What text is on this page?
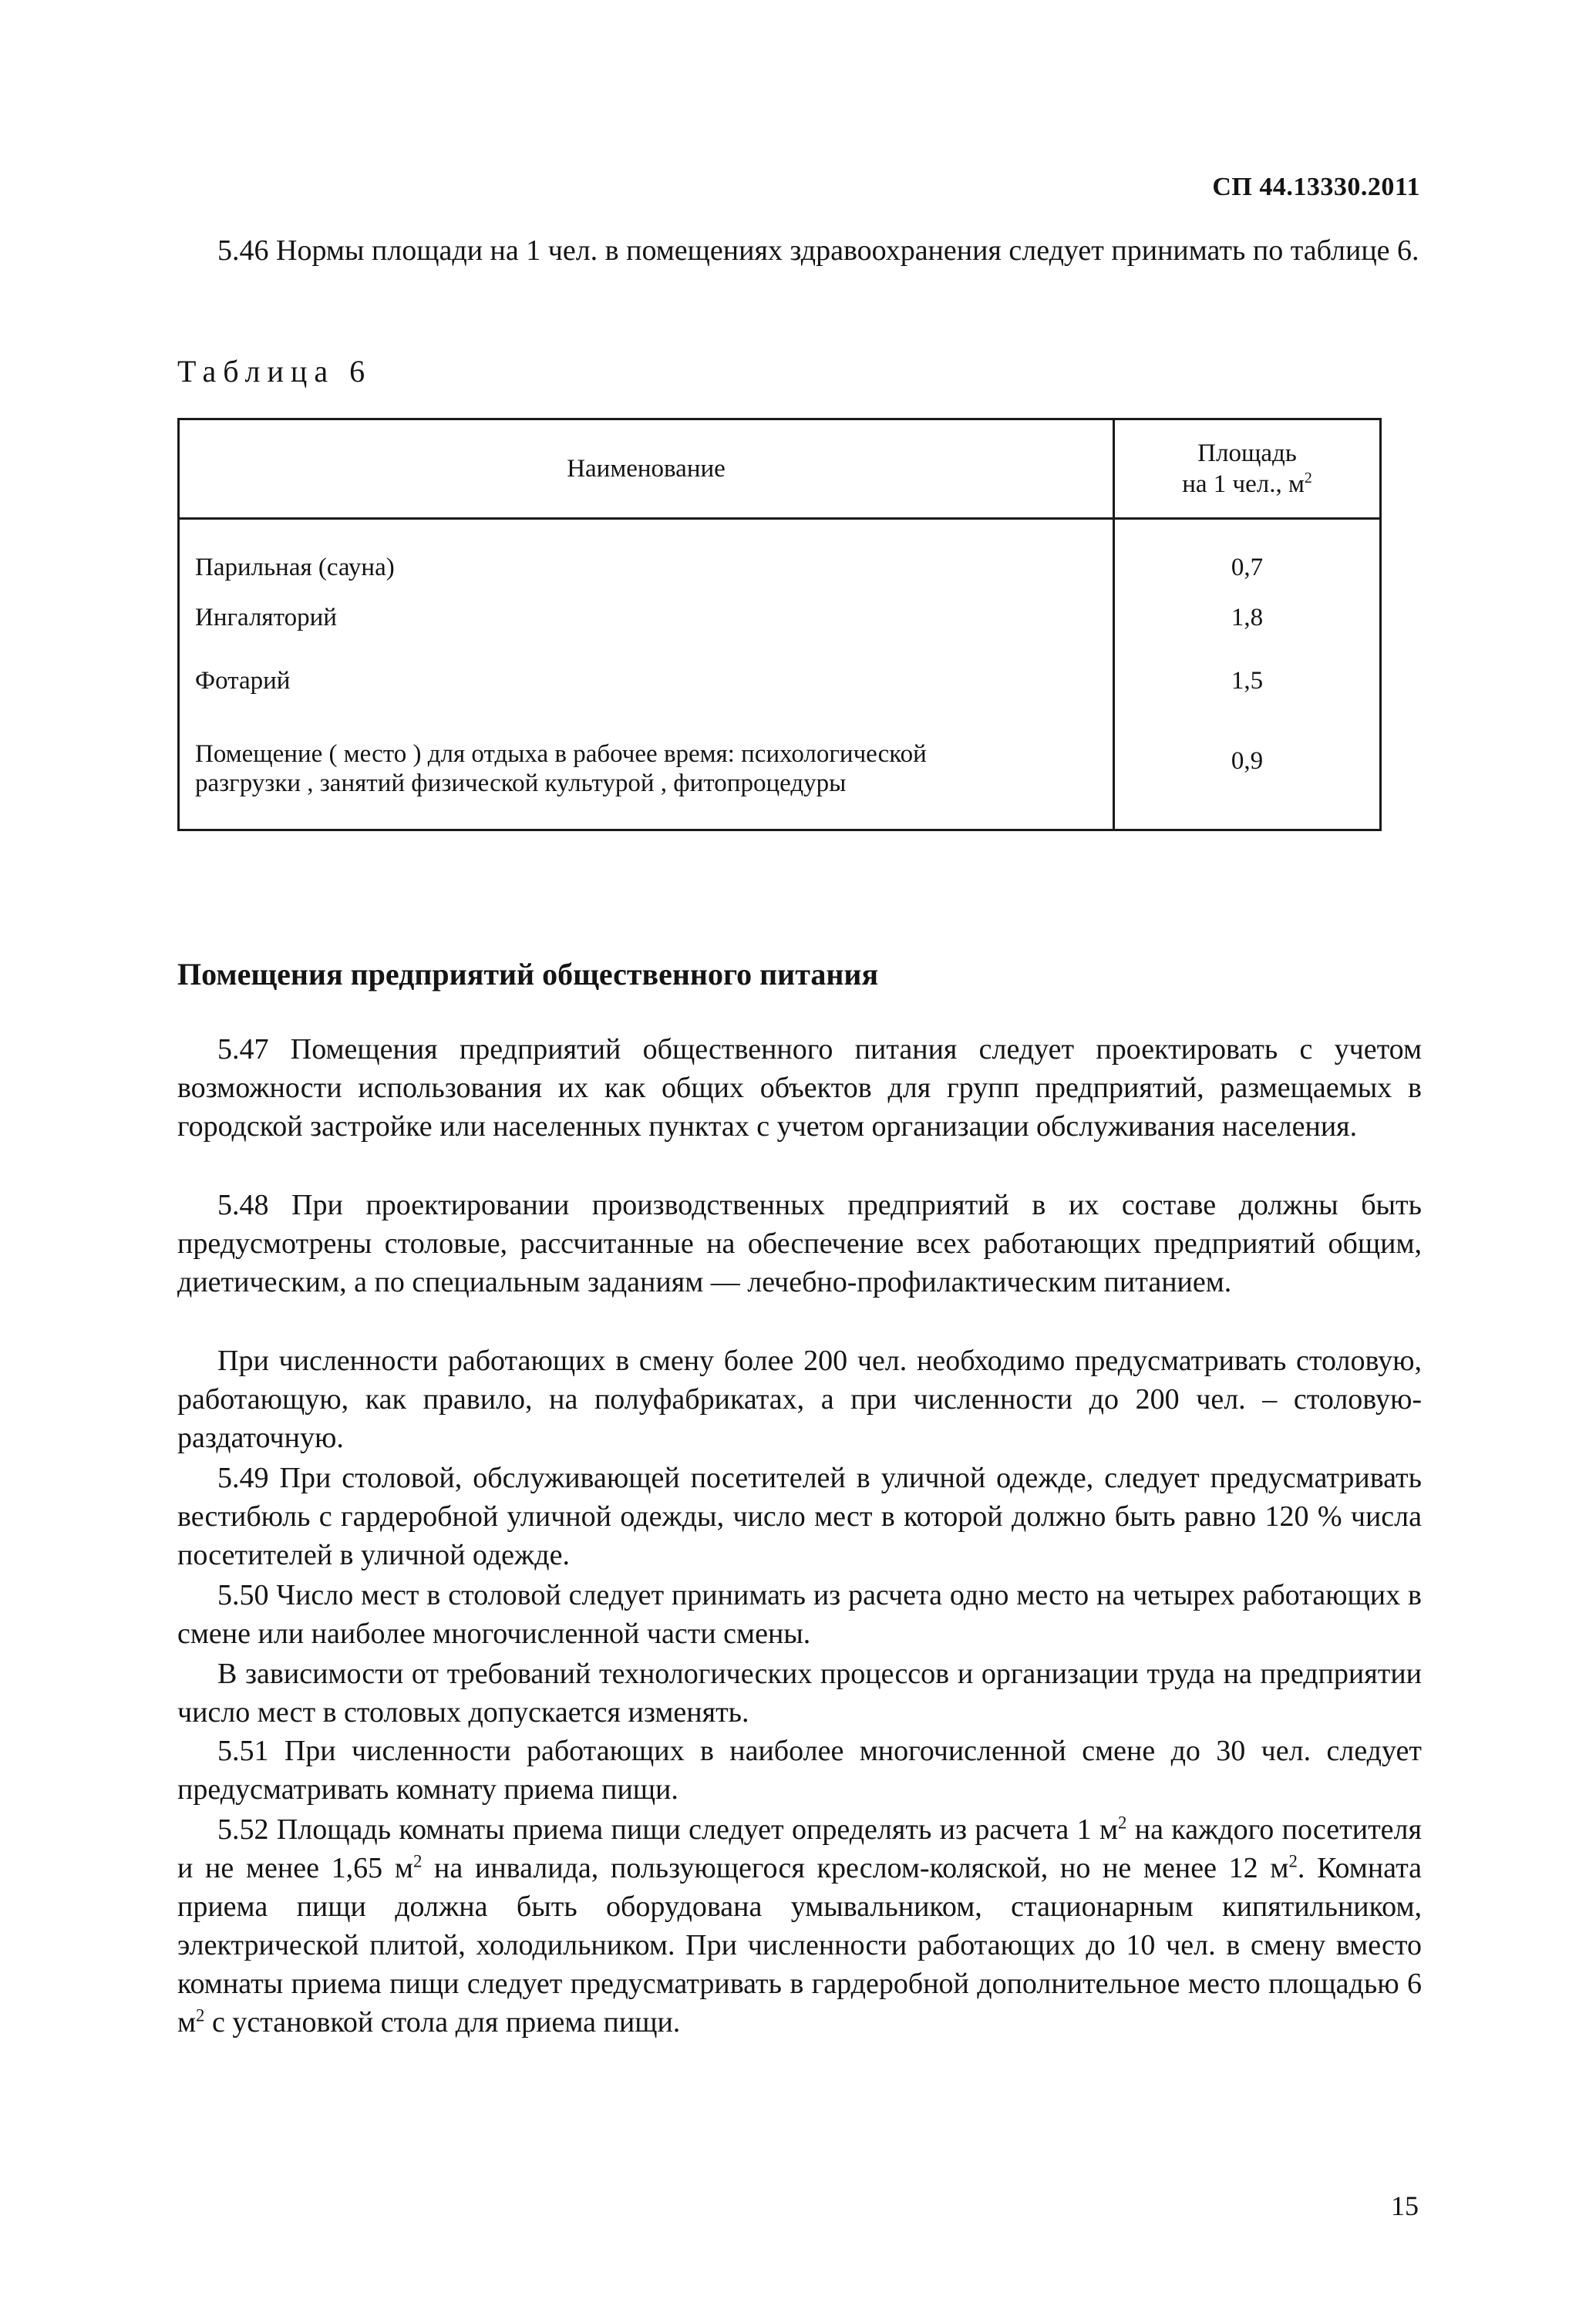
СП 44.13330.2011
5.46 Нормы площади на 1 чел. в помещениях здравоохранения следует принимать по таблице 6.
Таблица 6
Наименование	Площадь
на 1 чел., $м^2$
Парильная (сауна)	0,7
Ингаляторий	1,8
Фотарий	1,5
Помещение ( место ) для отдыха в рабочее время: психологической разгрузки , занятий физической культурой , фитопроцедуры	0,9
Помещения предприятий общественного питания
5.47 Помещения предприятий общественного питания следует проектировать с учетом возможности использования их как общих объектов для групп предприятий, размещаемых в городской застройке или населенных пунктах с учетом организации обслуживания населения.
5.48 При проектировании производственных предприятий в их составе должны быть предусмотрены столовые, рассчитанные на обеспечение всех работающих предприятий общим, диетическим, а по специальным заданиям — лечебно-профилактическим питанием.
При численности работающих в смену более 200 чел. необходимо предусматривать столовую, работающую, как правило, на полуфабрикатах, а при численности до 200 чел. – столовую-раздаточную.
5.49 При столовой, обслуживающей посетителей в уличной одежде, следует предусматривать вестибюль с гардеробной уличной одежды, число мест в которой должно быть равно 120 % числа посетителей в уличной одежде.
5.50 Число мест в столовой следует принимать из расчета одно место на четырех работающих в смене или наиболее многочисленной части смены.
В зависимости от требований технологических процессов и организации труда на предприятии число мест в столовых допускается изменять.
5.51 При численности работающих в наиболее многочисленной смене до 30 чел. следует предусматривать комнату приема пищи.
5.52 Площадь комнаты приема пищи следует определять из расчета 1 $м^2$ на каждого посетителя и не менее 1,65 $м^2$ на инвалида, пользующегося креслом-коляской, но не менее 12 $м^2$. Комната приема пищи должна быть оборудована умывальником, стационарным кипятильником, электрической плитой, холодильником. При численности работающих до 10 чел. в смену вместо комнаты приема пищи следует предусматривать в гардеробной дополнительное место площадью 6 $м^2$ с установкой стола для приема пищи.
15
